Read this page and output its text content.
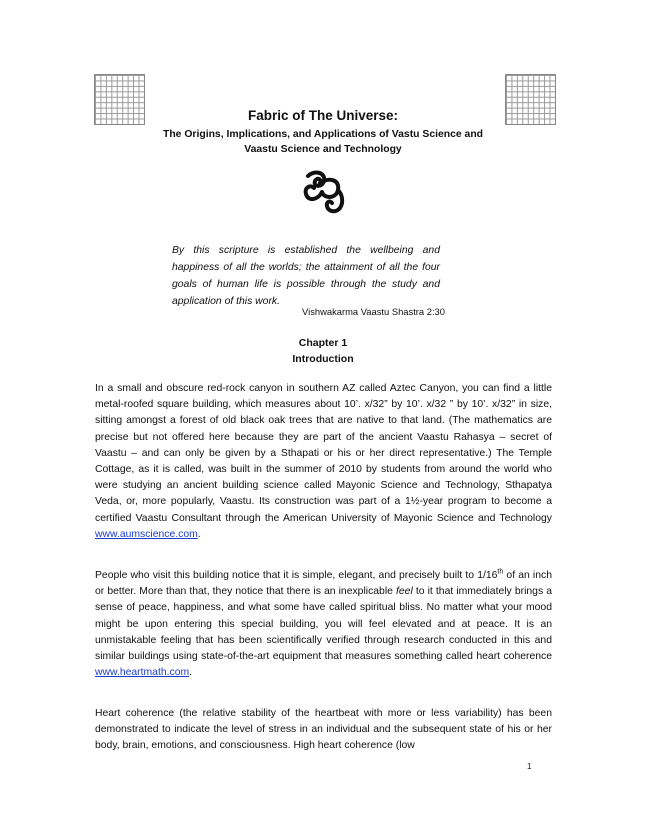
Fabric of The Universe:
The Origins, Implications, and Applications of Vastu Science and
Vaastu Science and Technology
By this scripture is established the wellbeing and happiness of all the worlds; the attainment of all the four goals of human life is possible through the study and application of this work.
Vishwakarma Vaastu Shastra 2:30
Chapter 1
Introduction
In a small and obscure red-rock canyon in southern AZ called Aztec Canyon, you can find a little metal-roofed square building, which measures about 10’. x/32” by 10’. x/32 ” by 10’. x/32” in size, sitting amongst a forest of old black oak trees that are native to that land. (The mathematics are precise but not offered here because they are part of the ancient Vaastu Rahasya – secret of Vaastu – and can only be given by a Sthapati or his or her direct representative.) The Temple Cottage, as it is called, was built in the summer of 2010 by students from around the world who were studying an ancient building science called Mayonic Science and Technology, Sthapatya Veda, or, more popularly, Vaastu. Its construction was part of a 1½-year program to become a certified Vaastu Consultant through the American University of Mayonic Science and Technology www.aumscience.com.
People who visit this building notice that it is simple, elegant, and precisely built to 1/16th of an inch or better. More than that, they notice that there is an inexplicable feel to it that immediately brings a sense of peace, happiness, and what some have called spiritual bliss. No matter what your mood might be upon entering this special building, you will feel elevated and at peace. It is an unmistakable feeling that has been scientifically verified through research conducted in this and similar buildings using state-of-the-art equipment that measures something called heart coherence www.heartmath.com.
Heart coherence (the relative stability of the heartbeat with more or less variability) has been demonstrated to indicate the level of stress in an individual and the subsequent state of his or her body, brain, emotions, and consciousness. High heart coherence (low
1
